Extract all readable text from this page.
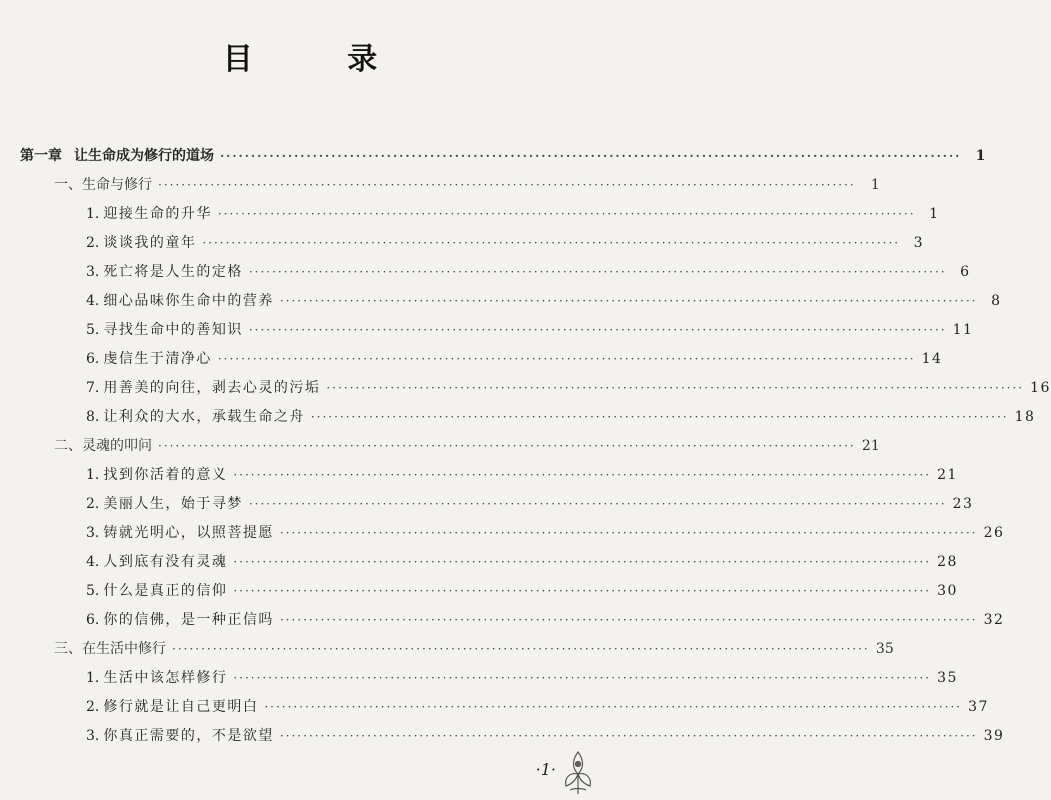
目 录
第一章 让生命成为修行的道场 ························································································································	1
一、生命与修行 ························································································································	1
1. 迎接生命的升华 ························································································································ 1
2. 谈谈我的童年 ························································································································ 3
3. 死亡将是人生的定格 ························································································································ 6
4. 细心品味你生命中的营养 ························································································································ 8
5. 寻找生命中的善知识 ························································································································ 11
6. 虔信生于清净心 ························································································································ 14
7. 用善美的向往，剥去心灵的污垢 ························································································································ 16
8. 让利众的大水，承载生命之舟 ························································································································ 18
二、灵魂的叩问 ························································································································ 21
1. 找到你活着的意义 ························································································································ 21
2. 美丽人生，始于寻梦 ························································································································ 23
3. 铸就光明心，以照菩提愿 ························································································································ 26
4. 人到底有没有灵魂 ························································································································ 28
5. 什么是真正的信仰 ························································································································ 30
6. 你的信佛，是一种正信吗 ························································································································ 32
三、在生活中修行 ························································································································ 35
1. 生活中该怎样修行 ························································································································ 35
2. 修行就是让自己更明白 ························································································································ 37
3. 你真正需要的，不是欲望 ························································································································ 39
·1·
